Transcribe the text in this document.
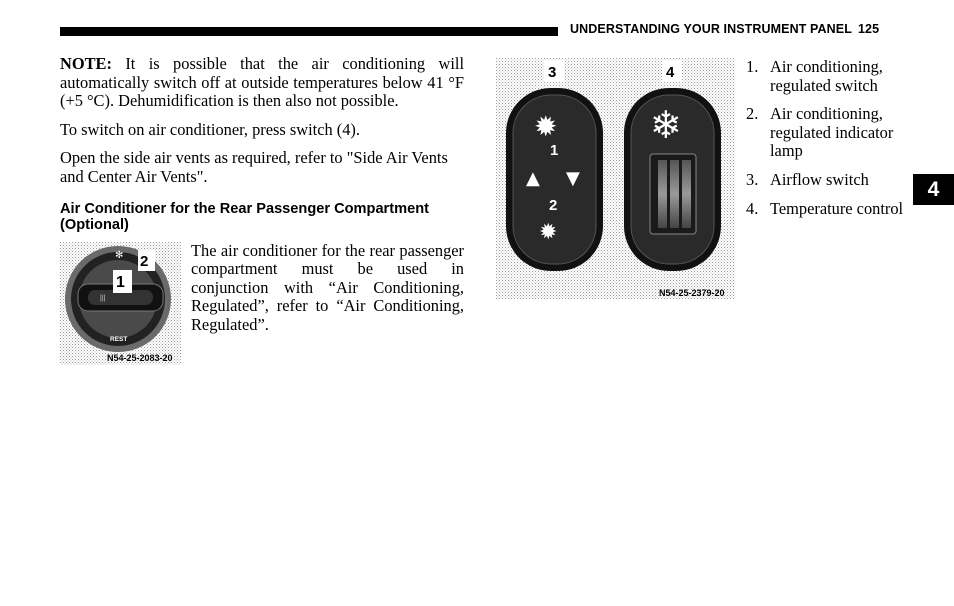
UNDERSTANDING YOUR INSTRUMENT PANEL 125
4

NOTE: It is possible that the air conditioning will automatically switch off at outside temperatures below 41 °F (+5 °C). Dehumidification is then also not possible.

To switch on air conditioner, press switch (4).

Open the side air vents as required, refer to "Side Air Vents and Center Air Vents".

Air Conditioner for the Rear Passenger Compartment (Optional)
|||
✻
REST
2
1
N54-25-2083-20
The air conditioner for the rear passenger compartment must be used in conjunction with “Air Conditioning, Regulated”, refer to “Air Conditioning, Regulated”.
✹
1
▲ ▼
2
✹
❄
3	4
N54-25-2379-20
1. Air conditioning, regulated switch
2. Air conditioning, regulated indicator lamp
3. Airflow switch
4. Temperature control
